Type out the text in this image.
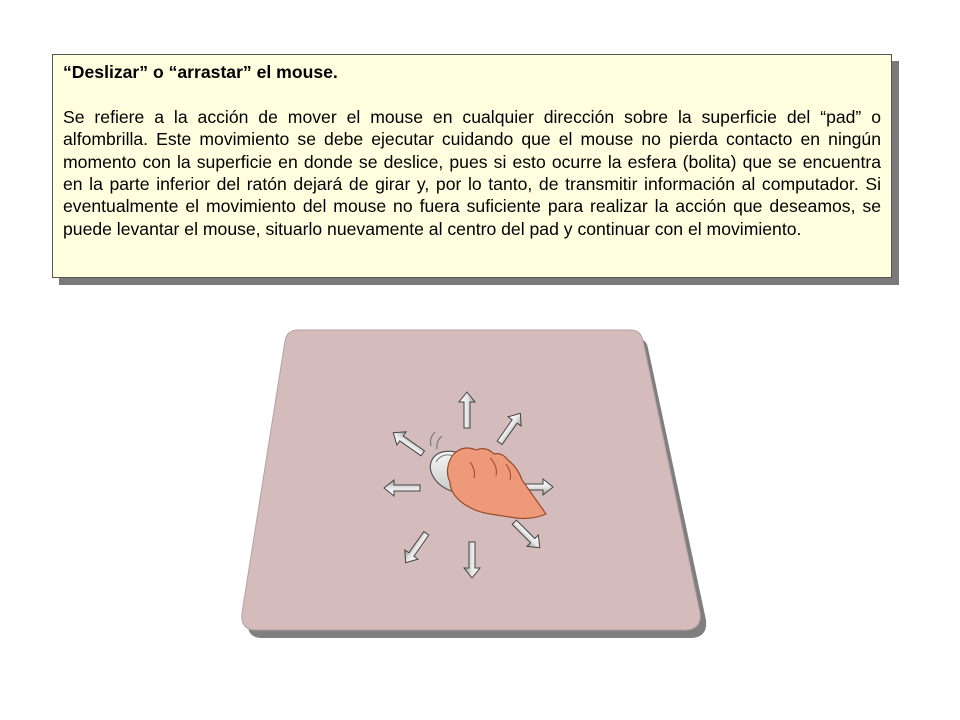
“Deslizar” o “arrastar” el mouse.

Se refiere a la acción de mover el mouse en cualquier dirección sobre la superficie del “pad” o alfombrilla. Este movimiento se debe ejecutar cuidando que el mouse no pierda contacto en ningún momento con la superficie en donde se deslice, pues si esto ocurre la esfera (bolita) que se encuentra en la parte inferior del ratón dejará de girar y, por lo tanto, de transmitir información al computador. Si eventualmente el movimiento del mouse no fuera suficiente para realizar la acción que deseamos, se puede levantar el mouse, situarlo nuevamente al centro del pad y continuar con el movimiento.
